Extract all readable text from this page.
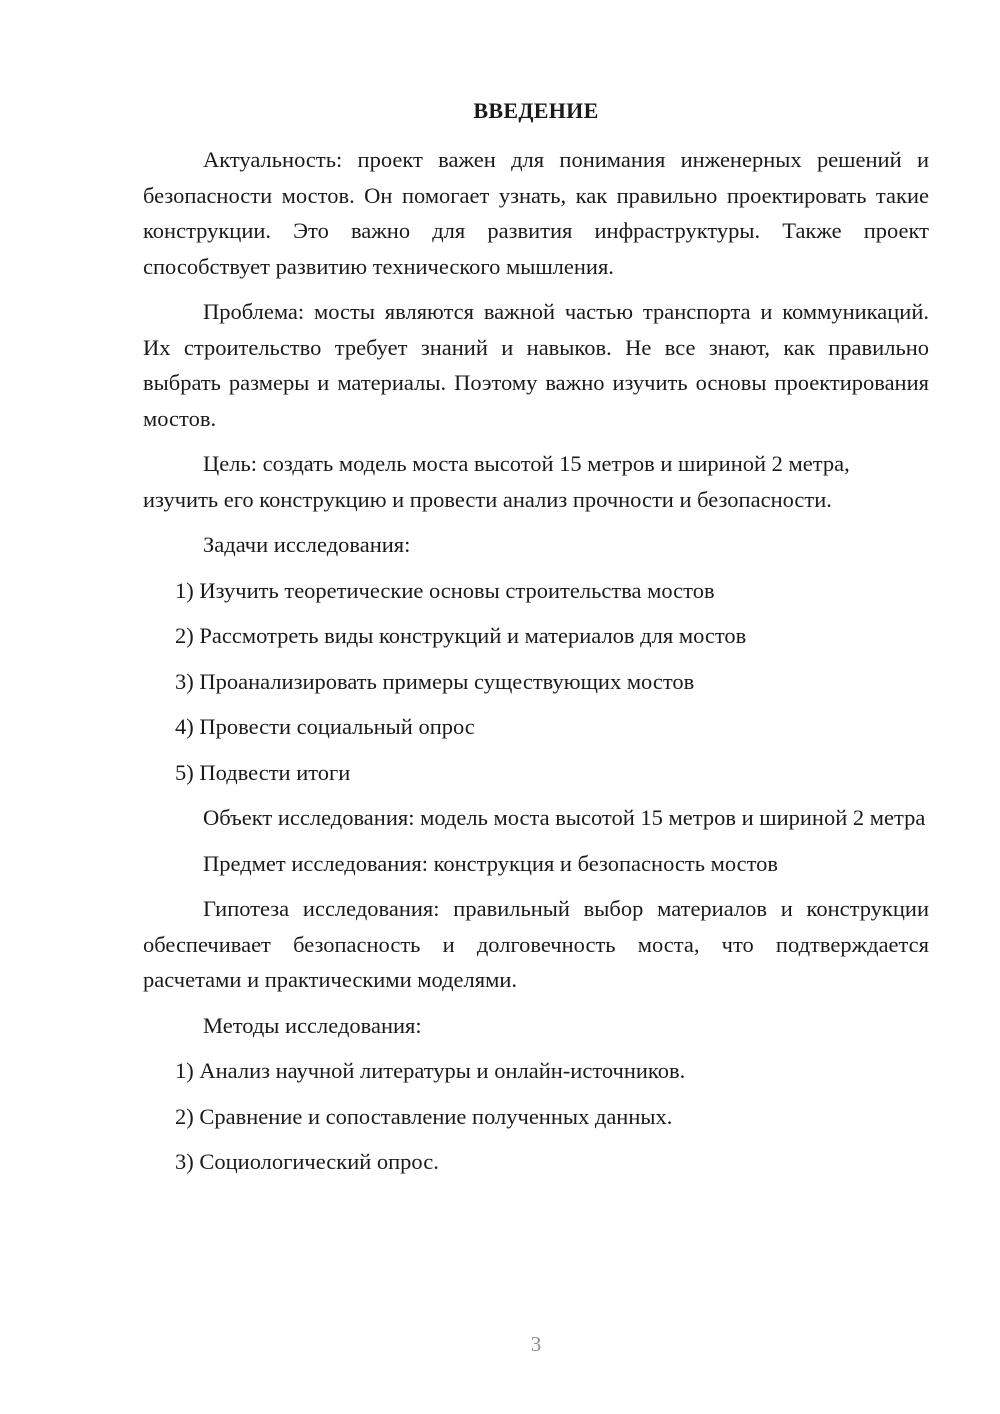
ВВЕДЕНИЕ

Актуальность: проект важен для понимания инженерных решений и безопасности мостов. Он помогает узнать, как правильно проектировать такие конструкции. Это важно для развития инфраструктуры. Также проект способствует развитию технического мышления.

Проблема: мосты являются важной частью транспорта и коммуникаций. Их строительство требует знаний и навыков. Не все знают, как правильно выбрать размеры и материалы. Поэтому важно изучить основы проектирования мостов.

Цель: создать модель моста высотой 15 метров и шириной 2 метра, изучить его конструкцию и провести анализ прочности и безопасности.

Задачи исследования:

1) Изучить теоретические основы строительства мостов

2) Рассмотреть виды конструкций и материалов для мостов

3) Проанализировать примеры существующих мостов

4) Провести социальный опрос

5) Подвести итоги

Объект исследования: модель моста высотой 15 метров и шириной 2 метра

Предмет исследования: конструкция и безопасность мостов

Гипотеза исследования: правильный выбор материалов и конструкции обеспечивает безопасность и долговечность моста, что подтверждается расчетами и практическими моделями.

Методы исследования:

1) Анализ научной литературы и онлайн-источников.

2) Сравнение и сопоставление полученных данных.

3) Социологический опрос.

3
